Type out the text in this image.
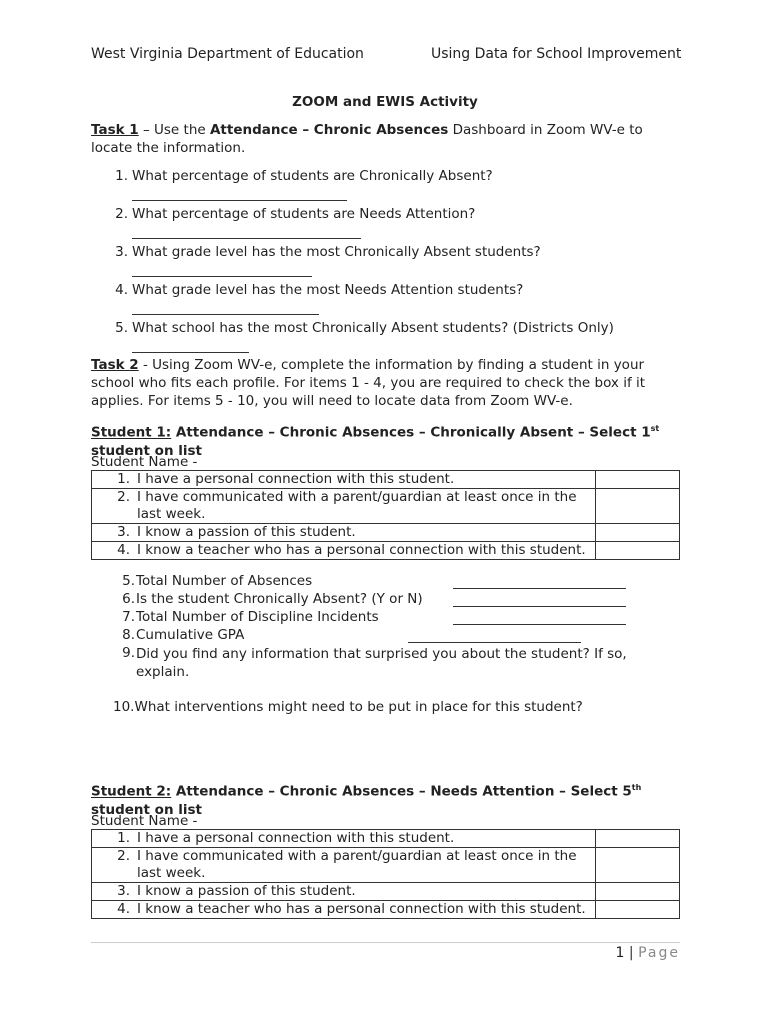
West Virginia Department of Education	Using Data for School Improvement
ZOOM and EWIS Activity
Task 1 – Use the Attendance – Chronic Absences Dashboard in Zoom WV-e to locate the information.
1. What percentage of students are Chronically Absent?
2. What percentage of students are Needs Attention?
3. What grade level has the most Chronically Absent students?
4. What grade level has the most Needs Attention students?
5. What school has the most Chronically Absent students? (Districts Only)
Task 2 - Using Zoom WV-e, complete the information by finding a student in your school who fits each profile. For items 1 - 4, you are required to check the box if it applies. For items 5 - 10, you will need to locate data from Zoom WV-e.
Student 1: Attendance – Chronic Absences – Chronically Absent – Select 1st
student on list
Student Name -
1. I have a personal connection with this student.	

2. I have communicated with a parent/guardian at least once in the last week.	

3. I know a passion of this student.	

4. I know a teacher who has a personal connection with this student.	

5. Total Number of Absences
6. Is the student Chronically Absent? (Y or N)
7. Total Number of Discipline Incidents
8. Cumulative GPA
9. Did you find any information that surprised you about the student? If so, explain.
10.What interventions might need to be put in place for this student?
Student 2: Attendance – Chronic Absences – Needs Attention – Select 5th
student on list
Student Name -
1. I have a personal connection with this student.	

2. I have communicated with a parent/guardian at least once in the last week.	

3. I know a passion of this student.	

4. I know a teacher who has a personal connection with this student.	

1 | Page
